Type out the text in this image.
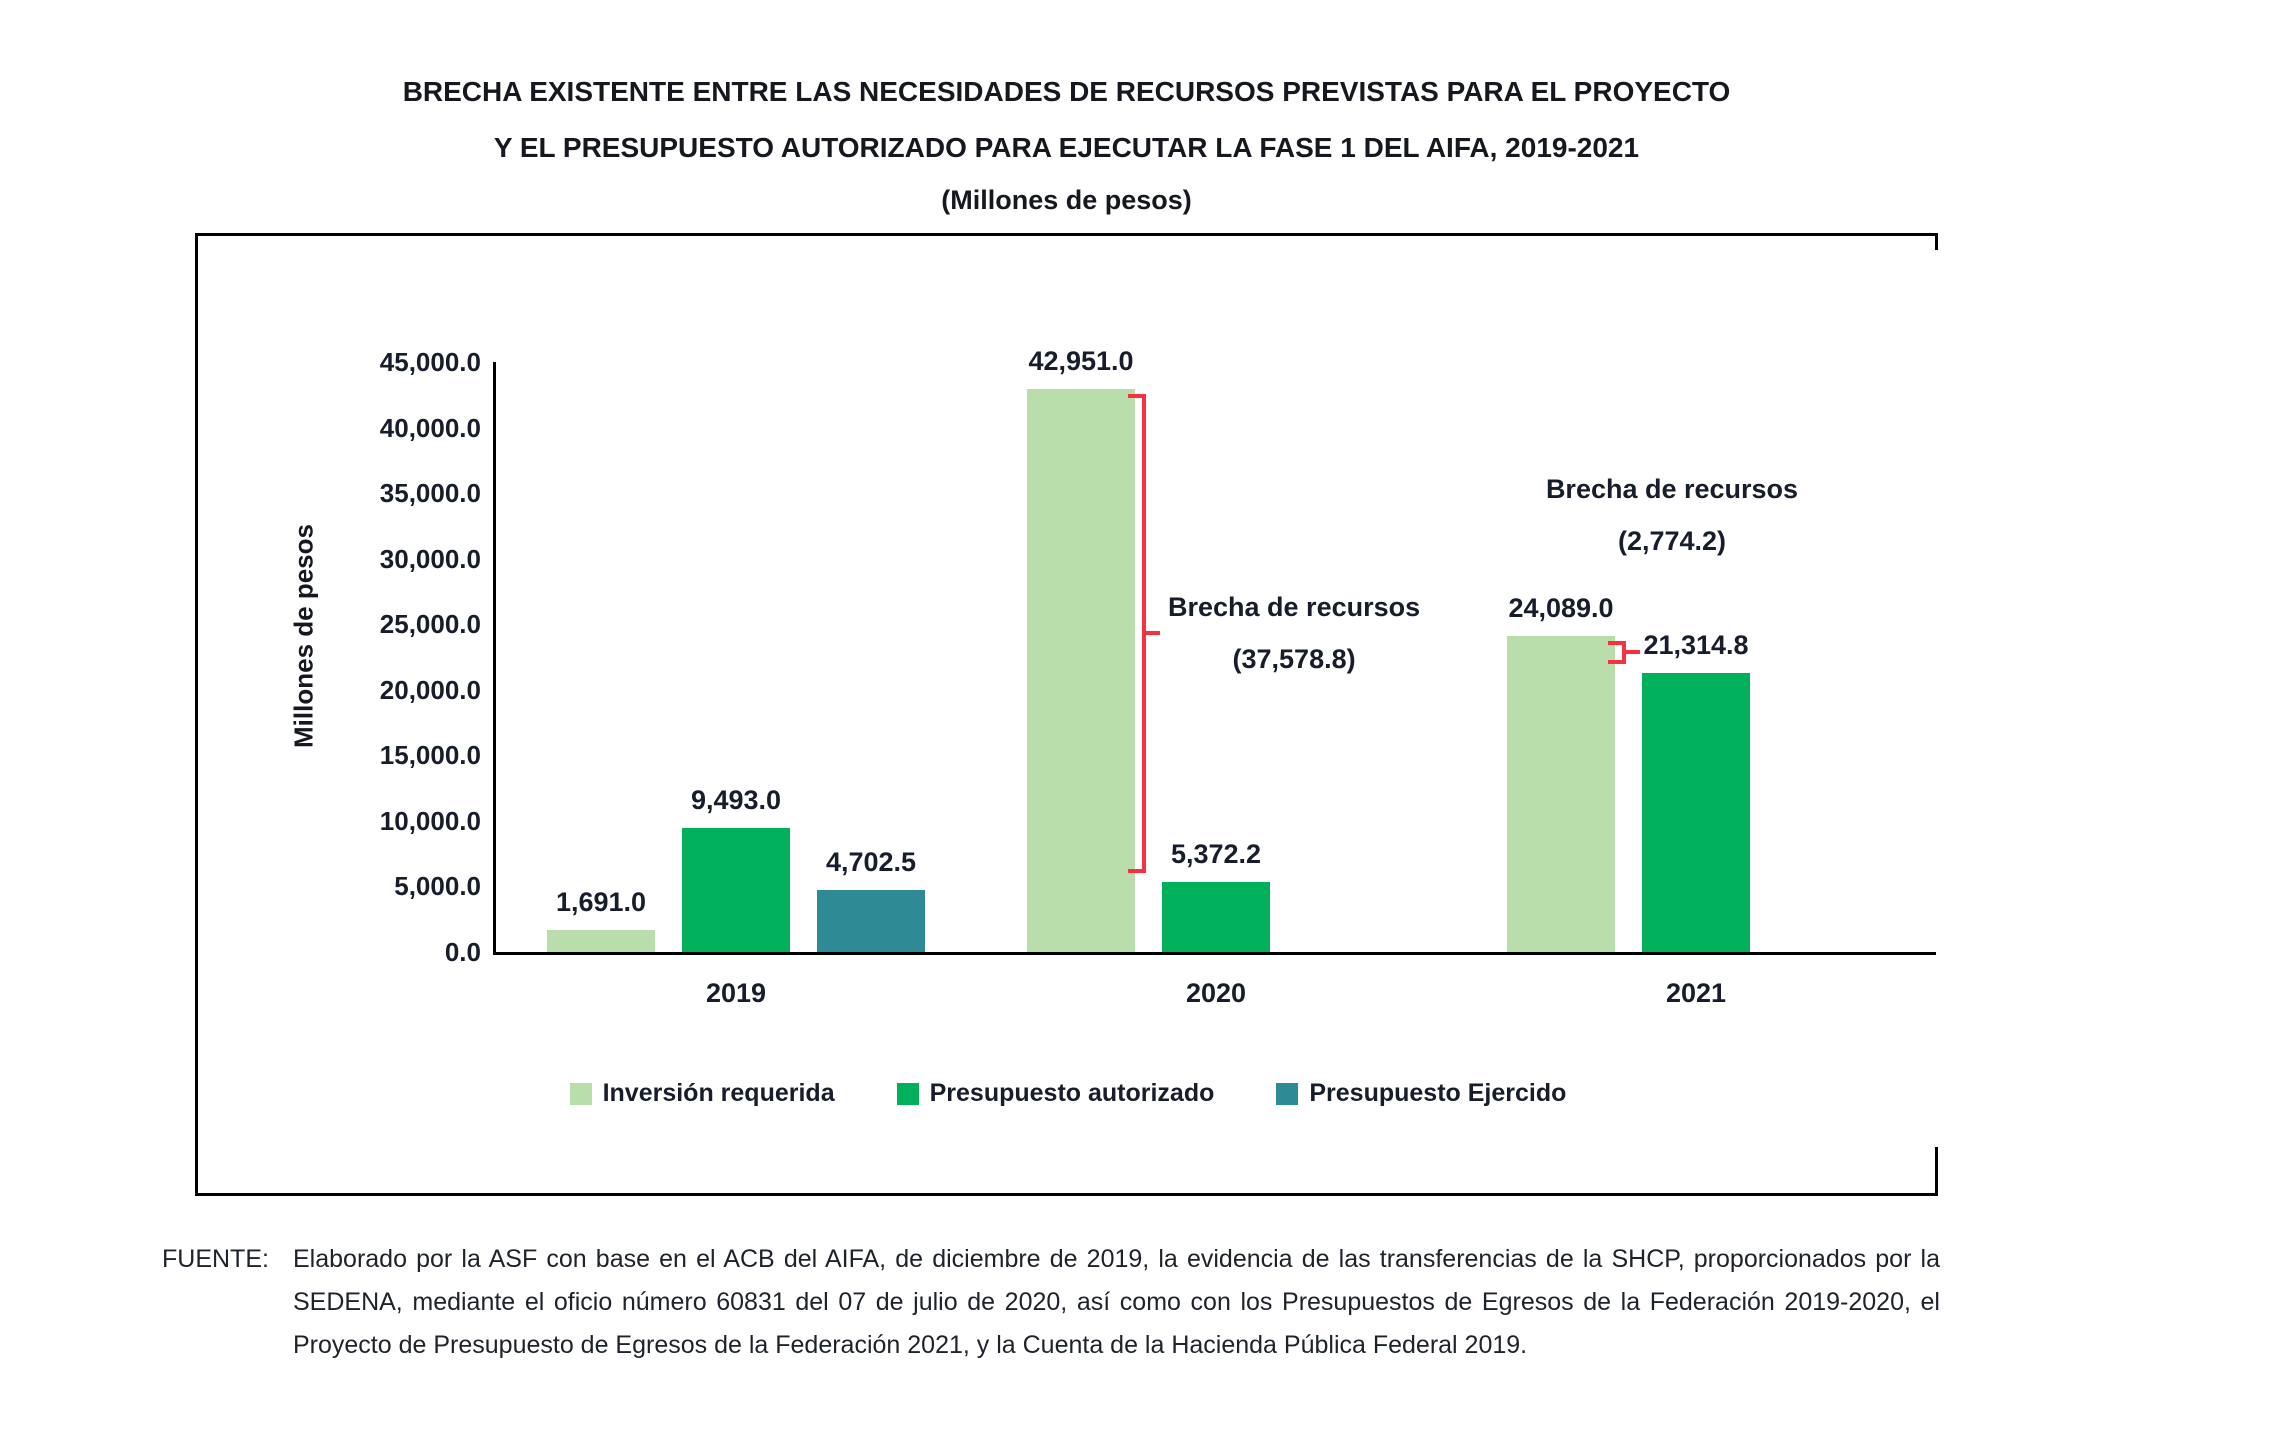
BRECHA EXISTENTE ENTRE LAS NECESIDADES DE RECURSOS PREVISTAS PARA EL PROYECTO
Y EL PRESUPUESTO AUTORIZADO PARA EJECUTAR LA FASE 1 DEL AIFA, 2019-2021
(Millones de pesos)
Millones de pesos
0.0
5,000.0
10,000.0
15,000.0
20,000.0
25,000.0
30,000.0
35,000.0
40,000.0
45,000.0
1,691.0
42,951.0
24,089.0
9,493.0
5,372.2
21,314.8
4,702.5
Brecha de recursos
(37,578.8)
Brecha de recursos
(2,774.2)
2019	2020	2021
Inversión requerida	Presupuesto autorizado	Presupuesto Ejercido
FUENTE: Elaborado por la ASF con base en el ACB del AIFA, de diciembre de 2019, la evidencia de las transferencias de la SHCP, proporcionados por la SEDENA, mediante el oficio número 60831 del 07 de julio de 2020, así como con los Presupuestos de Egresos de la Federación 2019-2020, el Proyecto de Presupuesto de Egresos de la Federación 2021, y la Cuenta de la Hacienda Pública Federal 2019.
